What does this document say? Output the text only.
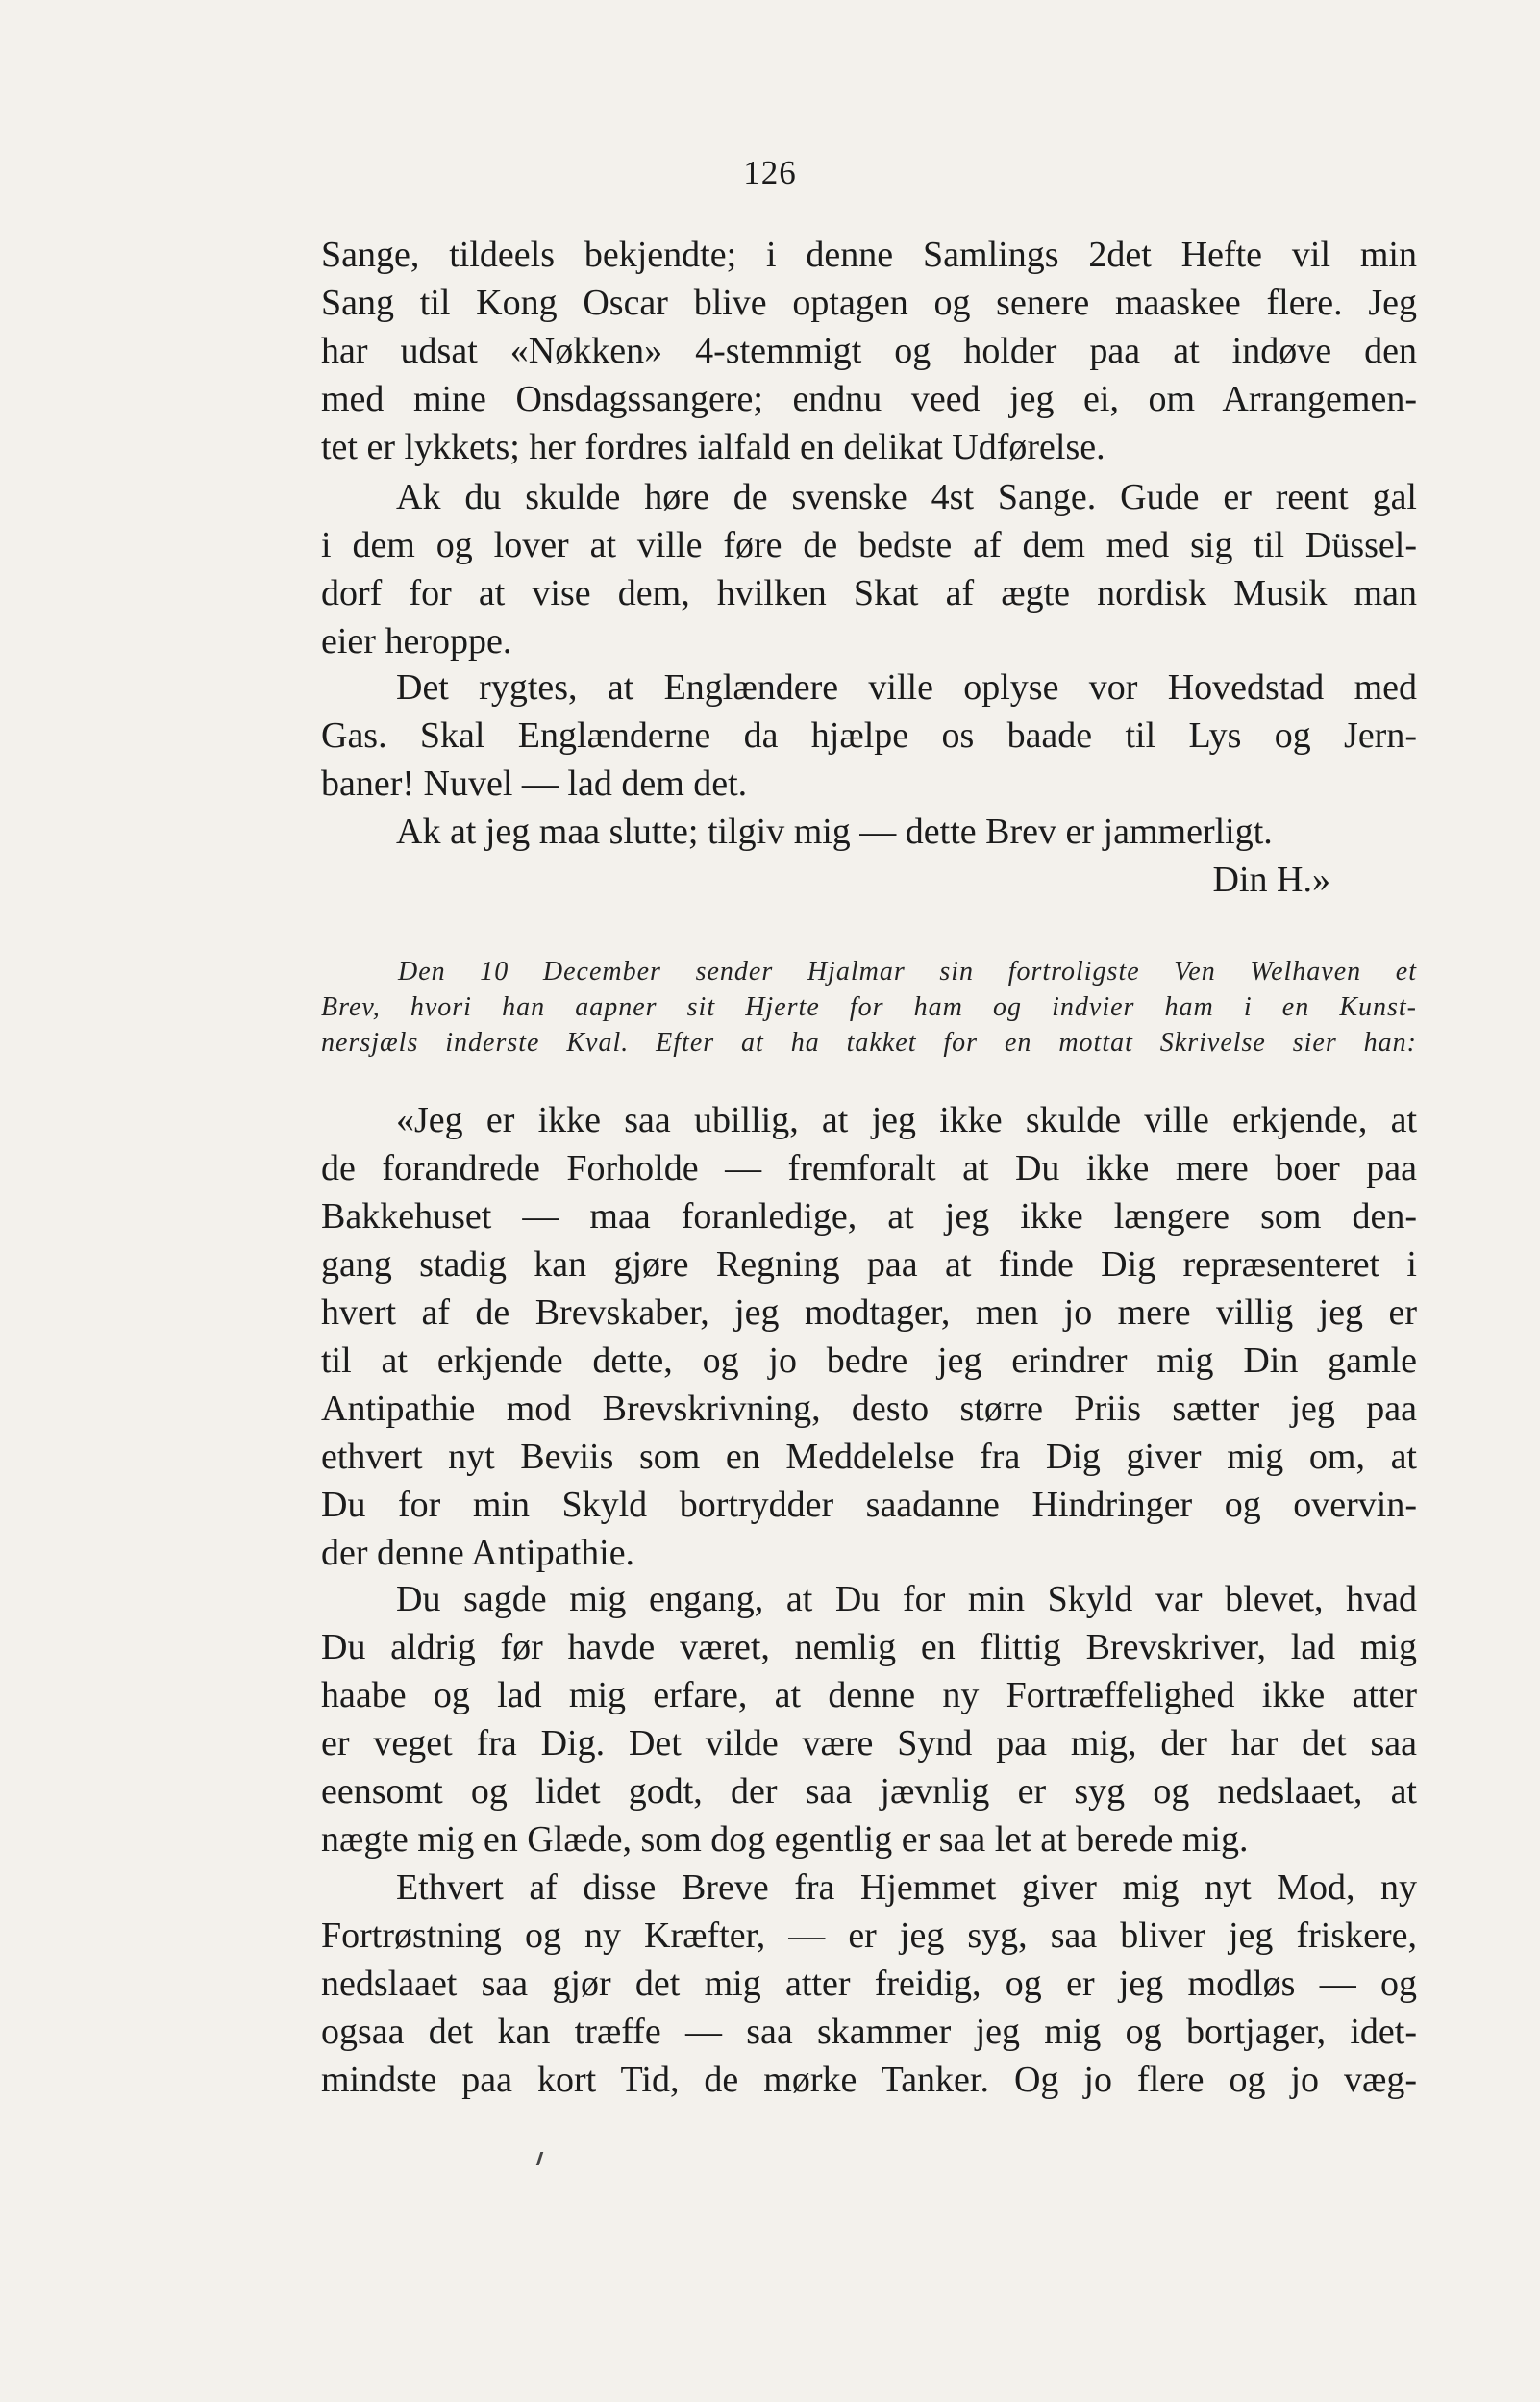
126
Sange, tildeels bekjendte; i denne Samlings 2det Hefte vil min
Sang til Kong Oscar blive optagen og senere maaskee flere. Jeg
har udsat «Nøkken» 4-stemmigt og holder paa at indøve den
med mine Onsdagssangere; endnu veed jeg ei, om Arrangemen-
tet er lykkets; her fordres ialfald en delikat Udførelse.
Ak du skulde høre de svenske 4st Sange. Gude er reent gal
i dem og lover at ville føre de bedste af dem med sig til Düssel-
dorf for at vise dem, hvilken Skat af ægte nordisk Musik man
eier heroppe.
Det rygtes, at Englændere ville oplyse vor Hovedstad med
Gas. Skal Englænderne da hjælpe os baade til Lys og Jern-
baner! Nuvel — lad dem det.
Ak at jeg maa slutte; tilgiv mig — dette Brev er jammerligt.
Din H.»
Den 10 December sender Hjalmar sin fortroligste Ven Welhaven et
Brev, hvori han aapner sit Hjerte for ham og indvier ham i en Kunst-
nersjæls inderste Kval. Efter at ha takket for en mottat Skrivelse sier han:
«Jeg er ikke saa ubillig, at jeg ikke skulde ville erkjende, at
de forandrede Forholde — fremforalt at Du ikke mere boer paa
Bakkehuset — maa foranledige, at jeg ikke længere som den-
gang stadig kan gjøre Regning paa at finde Dig repræsenteret i
hvert af de Brevskaber, jeg modtager, men jo mere villig jeg er
til at erkjende dette, og jo bedre jeg erindrer mig Din gamle
Antipathie mod Brevskrivning, desto større Priis sætter jeg paa
ethvert nyt Beviis som en Meddelelse fra Dig giver mig om, at
Du for min Skyld bortrydder saadanne Hindringer og overvin-
der denne Antipathie.
Du sagde mig engang, at Du for min Skyld var blevet, hvad
Du aldrig før havde været, nemlig en flittig Brevskriver, lad mig
haabe og lad mig erfare, at denne ny Fortræffelighed ikke atter
er veget fra Dig. Det vilde være Synd paa mig, der har det saa
eensomt og lidet godt, der saa jævnlig er syg og nedslaaet, at
nægte mig en Glæde, som dog egentlig er saa let at berede mig.
Ethvert af disse Breve fra Hjemmet giver mig nyt Mod, ny
Fortrøstning og ny Kræfter, — er jeg syg, saa bliver jeg friskere,
nedslaaet saa gjør det mig atter freidig, og er jeg modløs — og
ogsaa det kan træffe — saa skammer jeg mig og bortjager, idet-
mindste paa kort Tid, de mørke Tanker. Og jo flere og jo væg-
